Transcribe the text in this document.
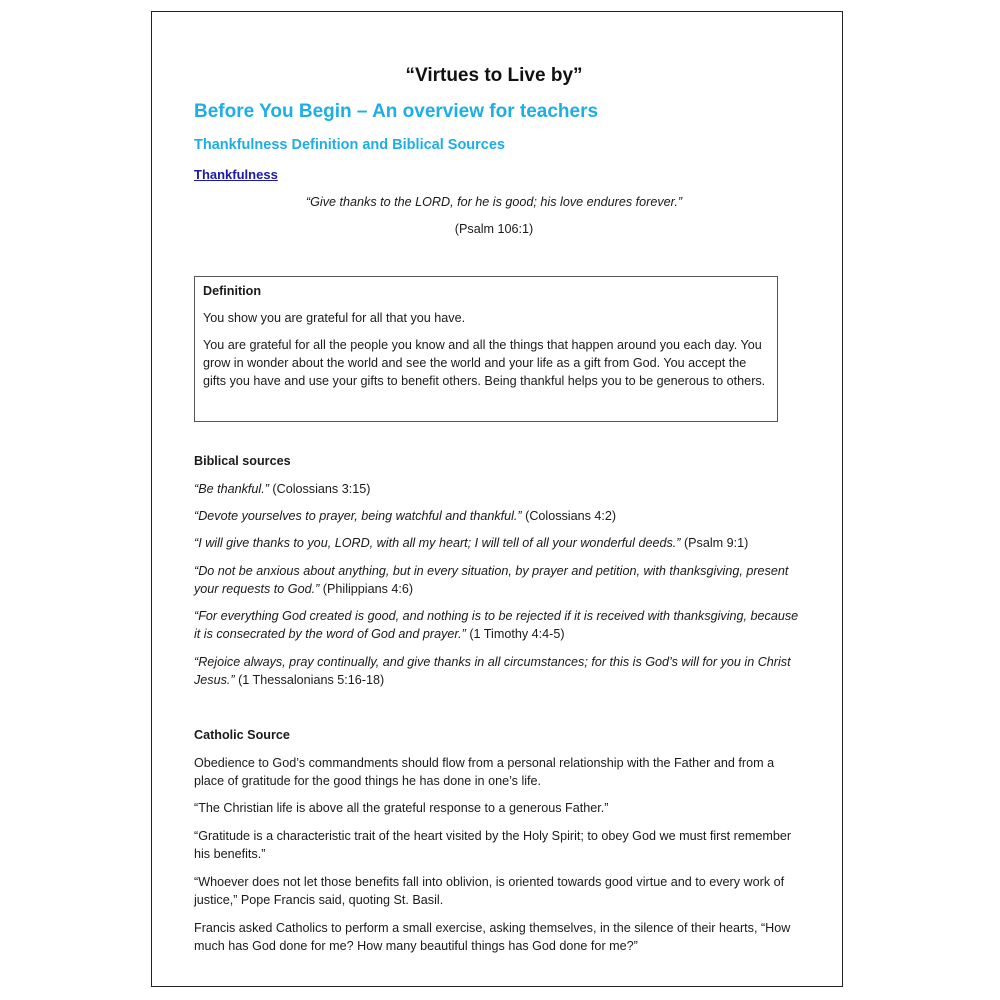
“Virtues to Live by”
Before You Begin – An overview for teachers
Thankfulness Definition and Biblical Sources
Thankfulness
“Give thanks to the LORD, for he is good; his love endures forever.”
(Psalm 106:1)
Definition

You show you are grateful for all that you have.

You are grateful for all the people you know and all the things that happen around you each day. You grow in wonder about the world and see the world and your life as a gift from God. You accept the gifts you have and use your gifts to benefit others. Being thankful helps you to be generous to others.

Biblical sources

“Be thankful.” (Colossians 3:15)

“Devote yourselves to prayer, being watchful and thankful.” (Colossians 4:2)

“I will give thanks to you, LORD, with all my heart; I will tell of all your wonderful deeds.” (Psalm 9:1)

“Do not be anxious about anything, but in every situation, by prayer and petition, with thanksgiving, present your requests to God.” (Philippians 4:6)

“For everything God created is good, and nothing is to be rejected if it is received with thanksgiving, because it is consecrated by the word of God and prayer.” (1 Timothy 4:4-5)

“Rejoice always, pray continually, and give thanks in all circumstances; for this is God’s will for you in Christ Jesus.” (1 Thessalonians 5:16-18)

Catholic Source

Obedience to God’s commandments should flow from a personal relationship with the Father and from a place of gratitude for the good things he has done in one’s life.

“The Christian life is above all the grateful response to a generous Father.”

“Gratitude is a characteristic trait of the heart visited by the Holy Spirit; to obey God we must first remember his benefits.”

“Whoever does not let those benefits fall into oblivion, is oriented towards good virtue and to every work of justice,” Pope Francis said, quoting St. Basil.

Francis asked Catholics to perform a small exercise, asking themselves, in the silence of their hearts, “How much has God done for me? How many beautiful things has God done for me?”
